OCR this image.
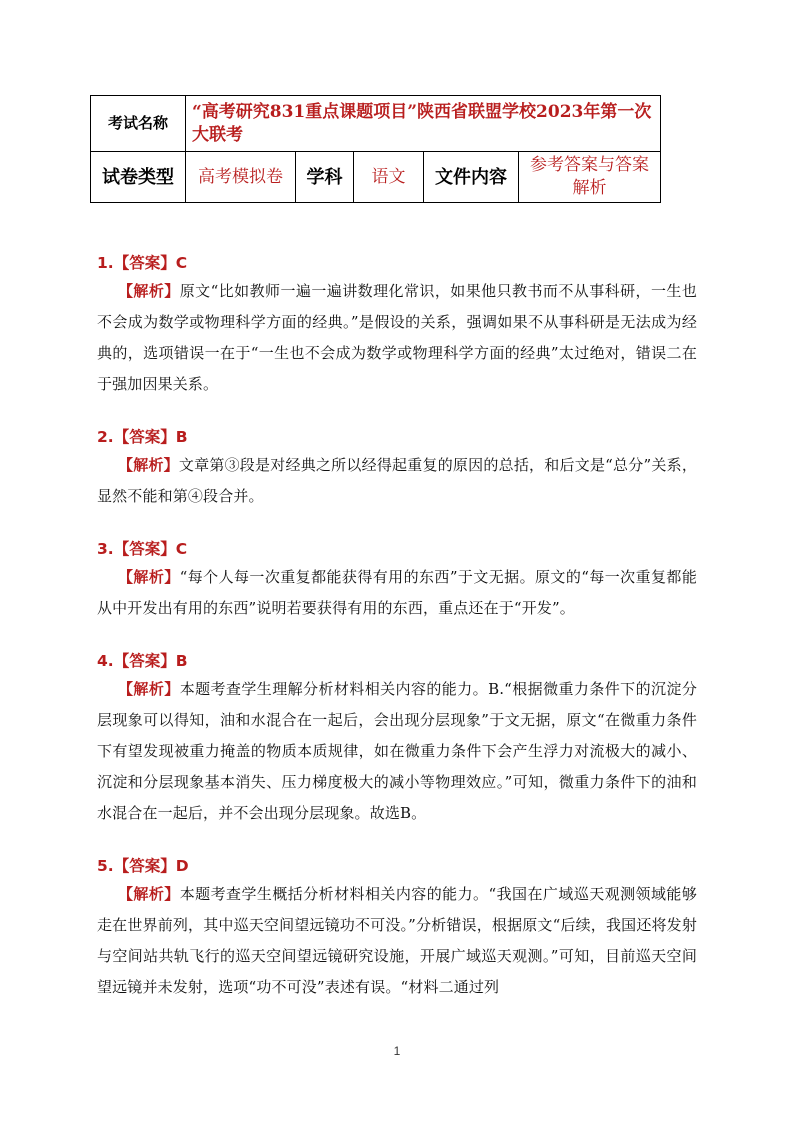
考试名称	“高考研究831重点课题项目”陕西省联盟学校2023年第一次大联考				
试卷类型	高考模拟卷	学科	语文	文件内容	参考答案与答案解析
1.【答案】C
【解析】原文“比如教师一遍一遍讲数理化常识，如果他只教书而不从事科研，一生也不会成为数学或物理科学方面的经典。”是假设的关系，强调如果不从事科研是无法成为经典的，选项错误一在于“一生也不会成为数学或物理科学方面的经典”太过绝对，错误二在于强加因果关系。
2.【答案】B
【解析】文章第③段是对经典之所以经得起重复的原因的总括，和后文是“总分”关系，显然不能和第④段合并。
3.【答案】C
【解析】“每个人每一次重复都能获得有用的东西”于文无据。原文的“每一次重复都能从中开发出有用的东西”说明若要获得有用的东西，重点还在于“开发”。
4.【答案】B
【解析】本题考查学生理解分析材料相关内容的能力。B.“根据微重力条件下的沉淀分层现象可以得知，油和水混合在一起后，会出现分层现象”于文无据，原文“在微重力条件下有望发现被重力掩盖的物质本质规律，如在微重力条件下会产生浮力对流极大的减小、沉淀和分层现象基本消失、压力梯度极大的减小等物理效应。”可知，微重力条件下的油和水混合在一起后，并不会出现分层现象。故选B。
5.【答案】D
【解析】本题考查学生概括分析材料相关内容的能力。“我国在广域巡天观测领域能够走在世界前列，其中巡天空间望远镜功不可没。”分析错误，根据原文“后续，我国还将发射与空间站共轨飞行的巡天空间望远镜研究设施，开展广域巡天观测。”可知，目前巡天空间望远镜并未发射，选项“功不可没”表述有误。“材料二通过列
1
